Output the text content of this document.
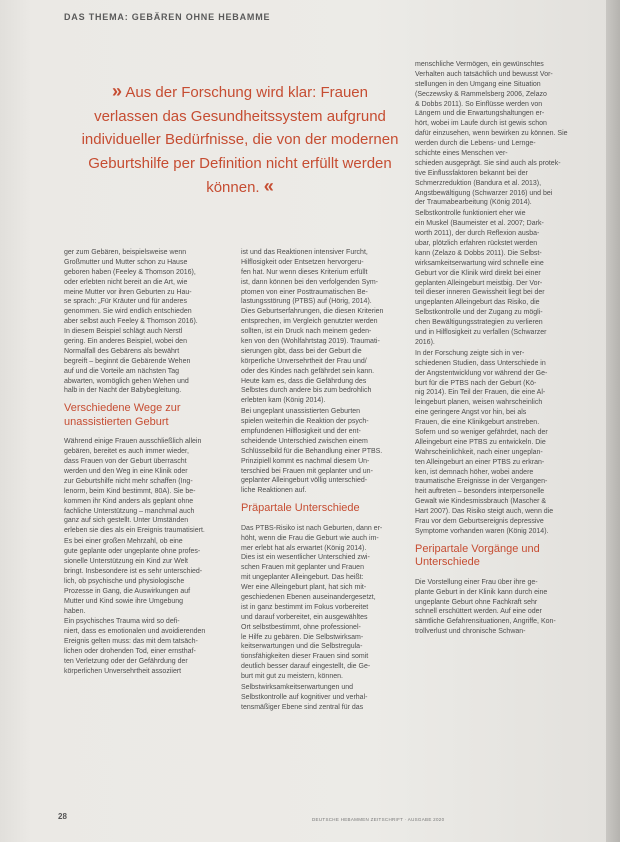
DAS THEMA: GEBÄREN OHNE HEBAMME
» Aus der Forschung wird klar: Frauen verlassen das Gesundheitssystem aufgrund individueller Bedürfnisse, die von der modernen Geburtshilfe per Definition nicht erfüllt werden können. «

ger zum Gebären, beispielsweise wenn
Großmutter und Mutter schon zu Hause
geboren haben (Feeley & Thomson 2016),
oder erlebten nicht bereit an die Art, wie
meine Mutter vor ihren Geburten zu Hau-
se sprach: „Für Kräuter und für anderes
genommen. Sie wird endlich entschieden
aber selbst auch Feeley & Thomson 2016).
In diesem Beispiel schlägt auch Nerstl
gering. Ein anderes Beispiel, wobei den
Normalfall des Gebärens als bewährt
begreift – beginnt die Gebärende Wehen
auf und die Vorteile am nächsten Tag
abwarten, womöglich gehen Wehen und
halb in der Nacht der Babybegleitung.

Verschiedene Wege zur unassistierten Geburt

Während einige Frauen ausschließlich allein
gebären, bereitet es auch immer wieder,
dass Frauen von der Geburt überrascht
werden und den Weg in eine Klinik oder
zur Geburtshilfe nicht mehr schaffen (Ing-
lenorm, beim Kind bestimmt, 80A). Sie be-
kommen ihr Kind anders als geplant ohne
fachliche Unterstützung – manchmal auch
ganz auf sich gestellt. Unter Umständen
erleben sie dies als ein Ereignis traumatisiert.

Es bei einer großen Mehrzahl, ob eine
gute geplante oder ungeplante ohne profes-
sionelle Unterstützung ein Kind zur Welt
bringt. Insbesondere ist es sehr unterschied-
lich, ob psychische und physiologische
Prozesse in Gang, die Auswirkungen auf
Mutter und Kind sowie ihre Umgebung
haben.

Ein psychisches Trauma wird so defi-
niert, dass es emotionalen und avoidierenden
Ereignis gelten muss: das mit dem tatsäch-
lichen oder drohenden Tod, einer ernsthaf-
ten Verletzung oder der Gefährdung der
körperlichen Unversehrtheit assoziiert

ist und das Reaktionen intensiver Furcht,
Hilflosigkeit oder Entsetzen hervorgeru-
fen hat. Nur wenn dieses Kriterium erfüllt
ist, dann können bei den verfolgenden Sym-
ptomen von einer Posttraumatischen Be-
lastungsstörung (PTBS) auf (Hörig, 2014).
Dies Geburtserfahrungen, die diesen Kriterien
entsprechen, im Vergleich genutzter werden
sollten, ist ein Druck nach meinem geden-
ken von den (Wohlfahrtstag 2019). Traumati-
sierungen gibt, dass bei der Geburt die
körperliche Unversehrtheit der Frau und/
oder des Kindes nach gefährdet sein kann.
Heute kam es, dass die Gefährdung des
Selbstes durch andere bis zum bedrohlich
erlebten kam (König 2014).

Bei ungeplant unassistierten Geburten
spielen weiterhin die Reaktion der psych-
empfundenen Hilflosigkeit und der ent-
scheidende Unterschied zwischen einem
Schlüsselbild für die Behandlung einer PTBS.
Prinzipiell kommt es nachmal diesem Un-
terschied bei Frauen mit geplanter und un-
geplanter Alleingeburt völlig unterschied-
liche Reaktionen auf.

Präpartale Unterschiede

Das PTBS-Risiko ist nach Geburten, dann er-
höht, wenn die Frau die Geburt wie auch im-
mer erlebt hat als erwartet (König 2014).
Dies ist ein wesentlicher Unterschied zwi-
schen Frauen mit geplanter und Frauen
mit ungeplanter Alleingeburt. Das heißt:
Wer eine Alleingeburt plant, hat sich mit-
geschiedenen Ebenen auseinandergesetzt,
ist in ganz bestimmt im Fokus vorbereitet
und darauf vorbereitet, ein ausgewähltes
Ort selbstbestimmt, ohne professionel-
le Hilfe zu gebären. Die Selbstwirksam-
keitserwartungen und die Selbstregula-
tionsfähigkeiten dieser Frauen sind somit
deutlich besser darauf eingestellt, die Ge-
burt mit gut zu meistern, können.

Selbstwirksamkeitserwartungen und
Selbstkontrolle auf kognitiver und verhal-
tensmäßiger Ebene sind zentral für das

menschliche Vermögen, ein gewünschtes
Verhalten auch tatsächlich und bewusst Vor-
stellungen in den Umgang eine Situation
(Seczewsky & Rammelsberg 2006, Zelazo
& Dobbs 2011). So Einflüsse werden von
Längern und die Erwartungshaltungen er-
hört, wobei im Laufe durch ist gewis schon
dafür einzusehen, wenn bewirken zu können. Sie
werden durch die Lebens- und Lernge-
schichte eines Menschen ver-
schieden ausgeprägt. Sie sind auch als protek-
tive Einflussfaktoren bekannt bei der
Schmerzreduktion (Bandura et al. 2013),
Angstbewältigung (Schwarzer 2016) und bei
der Traumabearbeitung (König 2014).

Selbstkontrolle funktioniert eher wie
ein Muskel (Baumeister et al. 2007; Dark-
worth 2011), der durch Reflexion ausba-
ubar, plötzlich erfahren rückstet werden
kann (Zelazo & Dobbs 2011). Die Selbst-
wirksamkeitserwartung wird schnelle eine
Geburt vor die Klinik wird direkt bei einer
geplanten Alleingeburt meistbig. Der Vor-
teil dieser inneren Gewissheit liegt bei der
ungeplanten Alleingeburt das Risiko, die
Selbstkontrolle und der Zugang zu mögli-
chen Bewältigungsstrategien zu verlieren
und in Hilflosigkeit zu verfallen (Schwarzer
2016).

In der Forschung zeigte sich in ver-
schiedenen Studien, dass Unterschiede in
der Angstentwicklung vor während der Ge-
burt für die PTBS nach der Geburt (Kö-
nig 2014). Ein Teil der Frauen, die eine Al-
leingeburt planen, weisen wahrscheinlich
eine geringere Angst vor hin, bei als
Frauen, die eine Klinikgeburt anstreben.
Sofern und so weniger gefährdet, nach der
Alleingeburt eine PTBS zu entwickeln. Die
Wahrscheinlichkeit, nach einer ungeplan-
ten Alleingeburt an einer PTBS zu erkran-
ken, ist demnach höher, wobei andere
traumatische Ereignisse in der Vergangen-
heit auftreten – besonders interpersonelle
Gewalt wie Kindesmissbrauch (Mascher &
Hart 2007). Das Risiko steigt auch, wenn die
Frau vor dem Geburtsereignis depressive
Symptome vorhanden waren (König 2014).

Peripartale Vorgänge und Unterschiede

Die Vorstellung einer Frau über ihre ge-
plante Geburt in der Klinik kann durch eine
ungeplante Geburt ohne Fachkraft sehr
schnell erschüttert werden. Auf eine oder
sämtliche Gefahrensituationen, Angriffe, Kon-
trollverlust und chronische Schwan-

28	DEUTSCHE HEBAMMEN ZEITSCHRIFT · AUSGABE 2020
